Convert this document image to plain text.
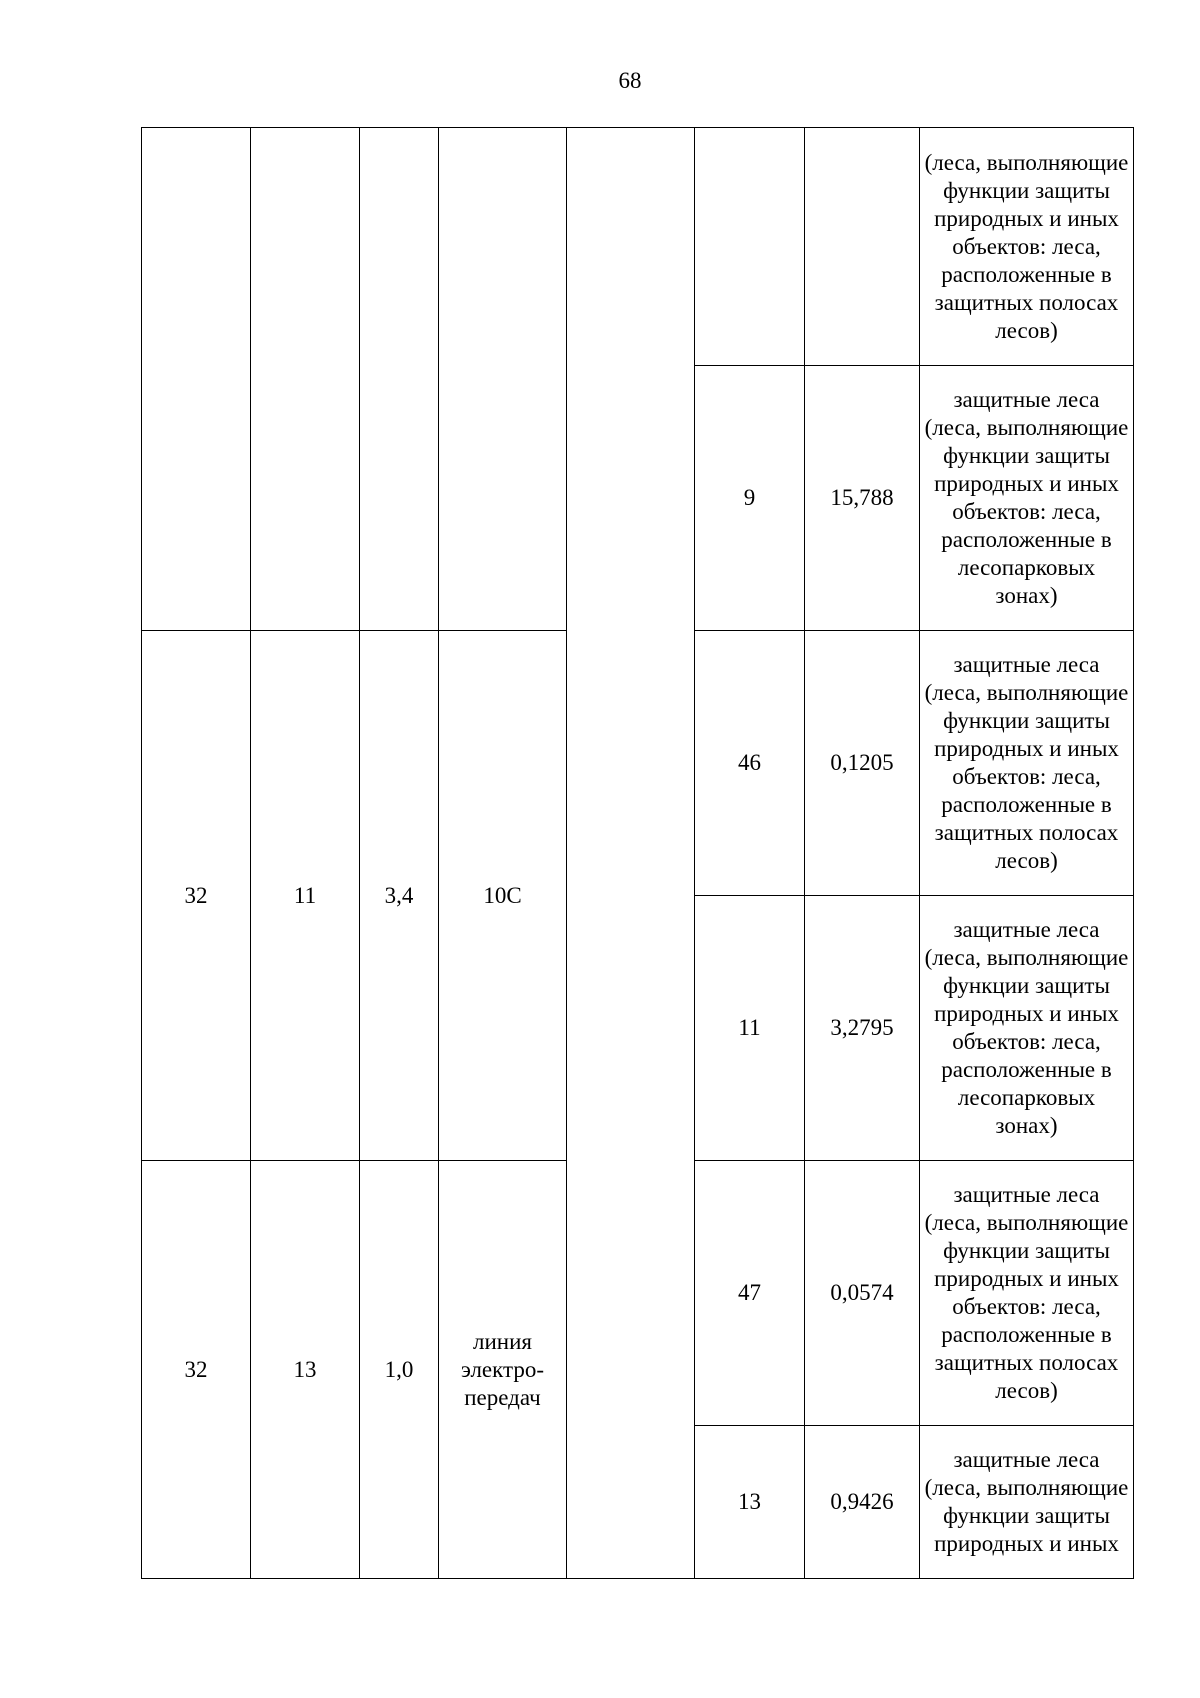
68
							(леса, выполняющие функции защиты природных и иных объектов: леса, расположенные в защитных полосах лесов)
					9	15,788	защитные леса (леса, выполняющие функции защиты природных и иных объектов: леса, расположенные в лесопарковых зонах)
32	11	3,4	10С		46	0,1205	защитные леса (леса, выполняющие функции защиты природных и иных объектов: леса, расположенные в защитных полосах лесов)
					11	3,2795	защитные леса (леса, выполняющие функции защиты природных и иных объектов: леса, расположенные в лесопарковых зонах)
32	13	1,0	линия электро-передач		47	0,0574	защитные леса (леса, выполняющие функции защиты природных и иных объектов: леса, расположенные в защитных полосах лесов)
					13	0,9426	защитные леса (леса, выполняющие функции защиты природных и иных
